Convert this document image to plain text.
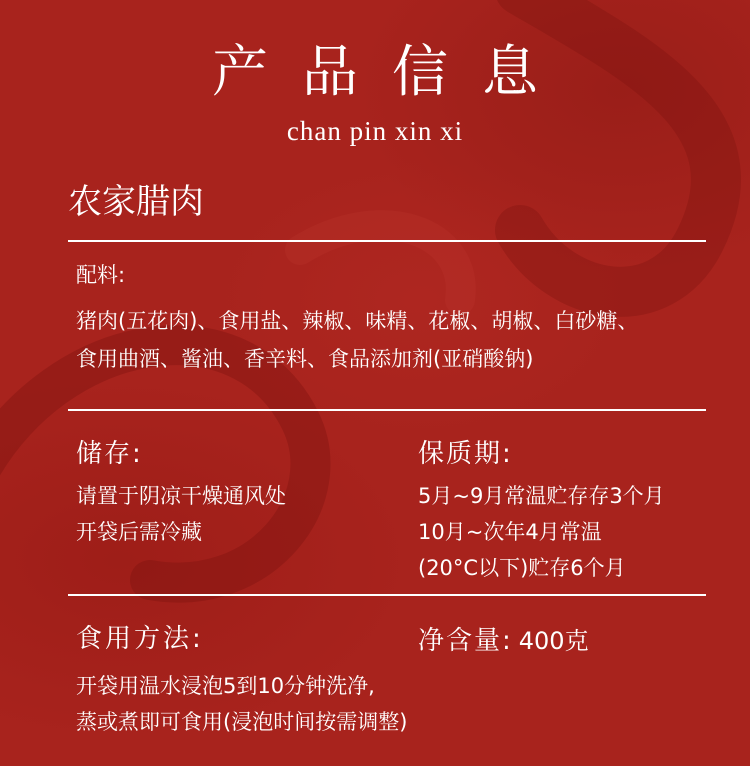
产品信息
chan pin xin xi
农家腊肉
配料:
猪肉(五花肉)、食用盐、辣椒、味精、花椒、胡椒、白砂糖、
食用曲酒、酱油、香辛料、食品添加剂(亚硝酸钠)
储存:
请置于阴凉干燥通风处
开袋后需冷藏
保质期:
5月~9月常温贮存存3个月
10月~次年4月常温
(20°C以下)贮存6个月
食用方法:	净含量: 400克
开袋用温水浸泡5到10分钟洗净,
蒸或煮即可食用(浸泡时间按需调整)
